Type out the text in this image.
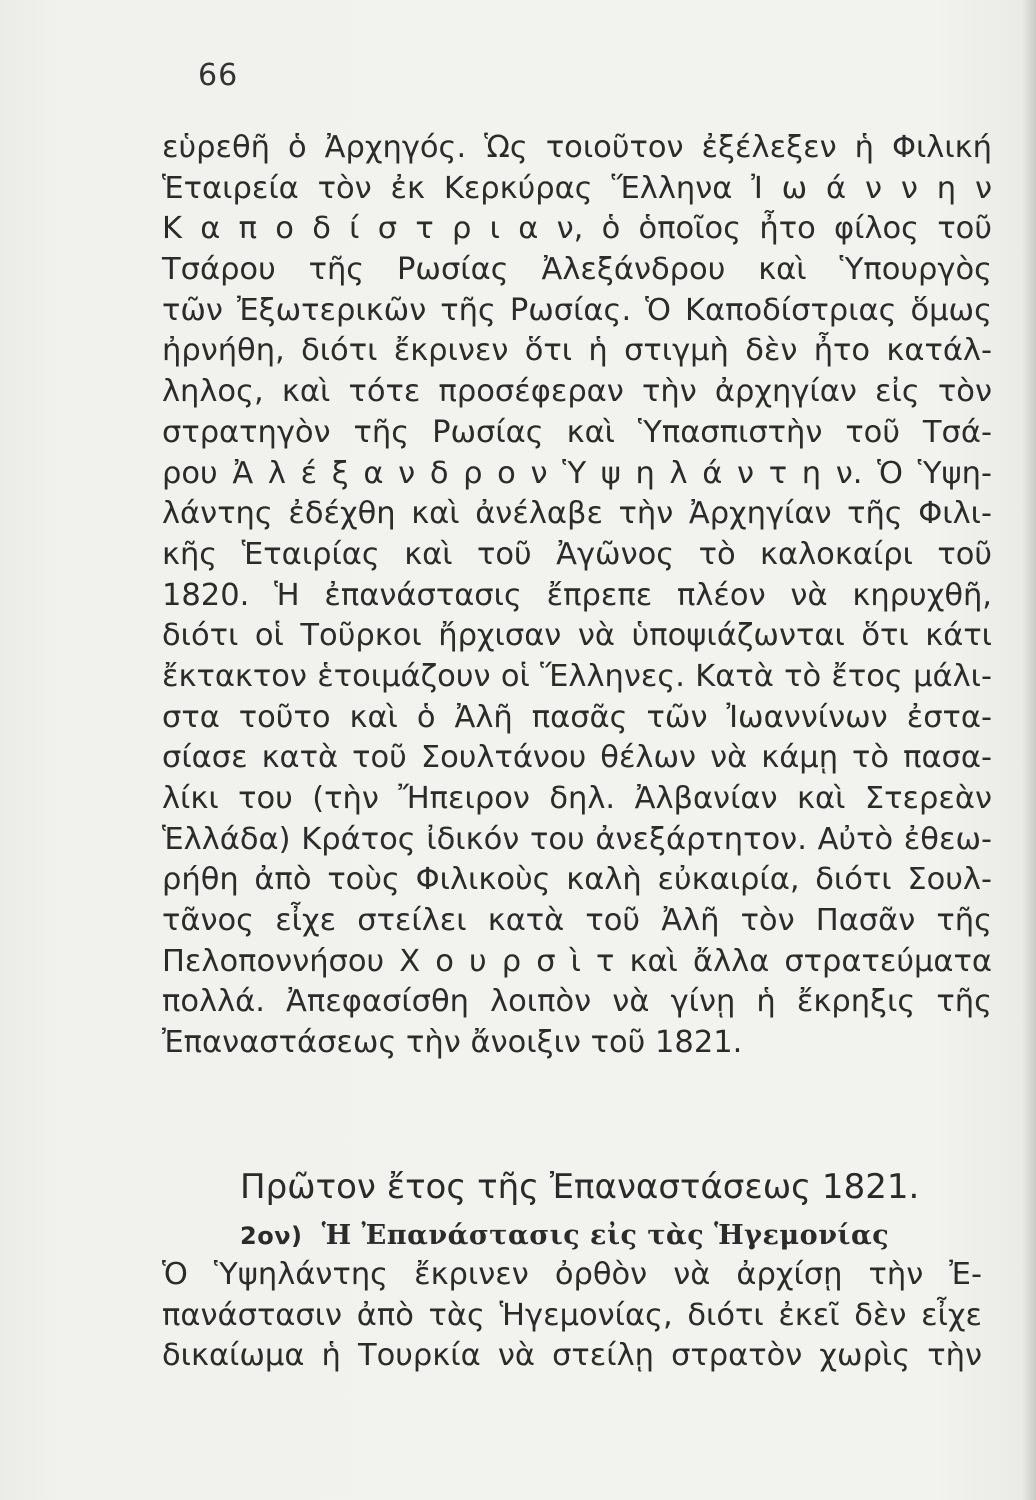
66
εὑρεθῆ ὁ Ἀρχηγός. Ὡς τοιοῦτον ἐξέλεξεν ἡ Φιλική
Ἑταιρεία τὸν ἐκ Κερκύρας Ἕλληνα Ἰ ω ά ν ν η ν
Κ α π ο δ ί σ τ ρ ι α ν, ὁ ὁποῖος ἦτο φίλος τοῦ
Τσάρου τῆς Ρωσίας Ἀλεξάνδρου καὶ Ὑπουργὸς
τῶν Ἐξωτερικῶν τῆς Ρωσίας. Ὁ Καποδίστριας ὅμως
ἠρνήθη, διότι ἔκρινεν ὅτι ἡ στιγμὴ δὲν ἦτο κατάλ-
ληλος, καὶ τότε προσέφεραν τὴν ἀρχηγίαν εἰς τὸν
στρατηγὸν τῆς Ρωσίας καὶ Ὑπασπιστὴν τοῦ Τσά-
ρου Ἀ λ έ ξ α ν δ ρ ο ν Ὑ ψ η λ ά ν τ η ν. Ὁ Ὑψη-
λάντης ἐδέχθη καὶ ἀνέλαβε τὴν Ἀρχηγίαν τῆς Φιλι-
κῆς Ἑταιρίας καὶ τοῦ Ἀγῶνος τὸ καλοκαίρι τοῦ
1820. Ἡ ἐπανάστασις ἔπρεπε πλέον νὰ κηρυχθῆ,
διότι οἱ Τοῦρκοι ἤρχισαν νὰ ὑποψιάζωνται ὅτι κάτι
ἔκτακτον ἑτοιμάζουν οἱ Ἕλληνες. Κατὰ τὸ ἔτος μάλι-
στα τοῦτο καὶ ὁ Ἀλῆ πασᾶς τῶν Ἰωαννίνων ἐστα-
σίασε κατὰ τοῦ Σουλτάνου θέλων νὰ κάμῃ τὸ πασα-
λίκι του (τὴν Ἤπειρον δηλ. Ἀλβανίαν καὶ Στερεὰν
Ἑλλάδα) Κράτος ἰδικόν του ἀνεξάρτητον. Αὐτὸ ἐθεω-
ρήθη ἀπὸ τοὺς Φιλικοὺς καλὴ εὐκαιρία, διότι Σουλ-
τᾶνος εἶχε στείλει κατὰ τοῦ Ἀλῆ τὸν Πασᾶν τῆς
Πελοποννήσου Χ ο υ ρ σ ὶ τ καὶ ἄλλα στρατεύματα
πολλά. Ἀπεφασίσθη λοιπὸν νὰ γίνῃ ἡ ἔκρηξις τῆς
Ἐπαναστάσεως τὴν ἄνοιξιν τοῦ 1821.
Πρῶτον ἔτος τῆς Ἐπαναστάσεως 1821.
2ον) Ἡ Ἐπανάστασις εἰς τὰς Ἡγεμονίας
Ὁ Ὑψηλάντης ἔκρινεν ὀρθὸν νὰ ἀρχίσῃ τὴν Ἐ-
πανάστασιν ἀπὸ τὰς Ἡγεμονίας, διότι ἐκεῖ δὲν εἶχε
δικαίωμα ἡ Τουρκία νὰ στείλῃ στρατὸν χωρὶς τὴν
